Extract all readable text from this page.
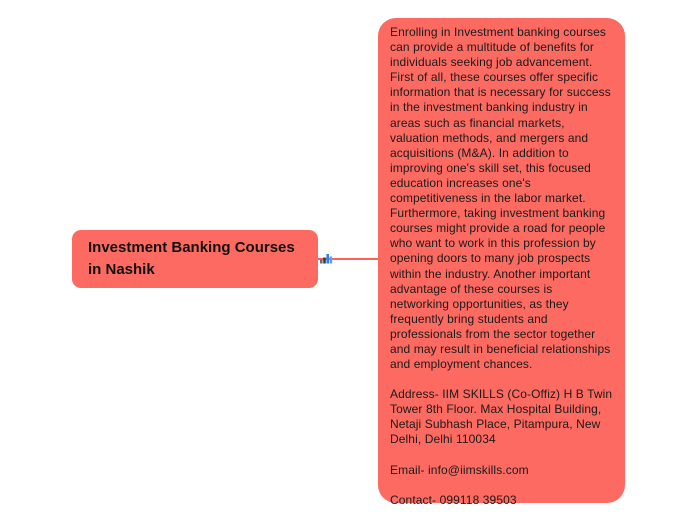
Investment Banking Courses in Nashik

Enrolling in Investment banking courses can provide a multitude of benefits for individuals seeking job advancement. First of all, these courses offer specific information that is necessary for success in the investment banking industry in areas such as financial markets, valuation methods, and mergers and acquisitions (M&A). In addition to improving one's skill set, this focused education increases one's competitiveness in the labor market. Furthermore, taking investment banking courses might provide a road for people who want to work in this profession by opening doors to many job prospects within the industry. Another important advantage of these courses is networking opportunities, as they frequently bring students and professionals from the sector together and may result in beneficial relationships and employment chances.

Address- IIM SKILLS (Co-Offiz) H B Twin Tower 8th Floor. Max Hospital Building, Netaji Subhash Place, Pitampura, New Delhi, Delhi 110034

Email- info@iimskills.com

Contact- 099118 39503
